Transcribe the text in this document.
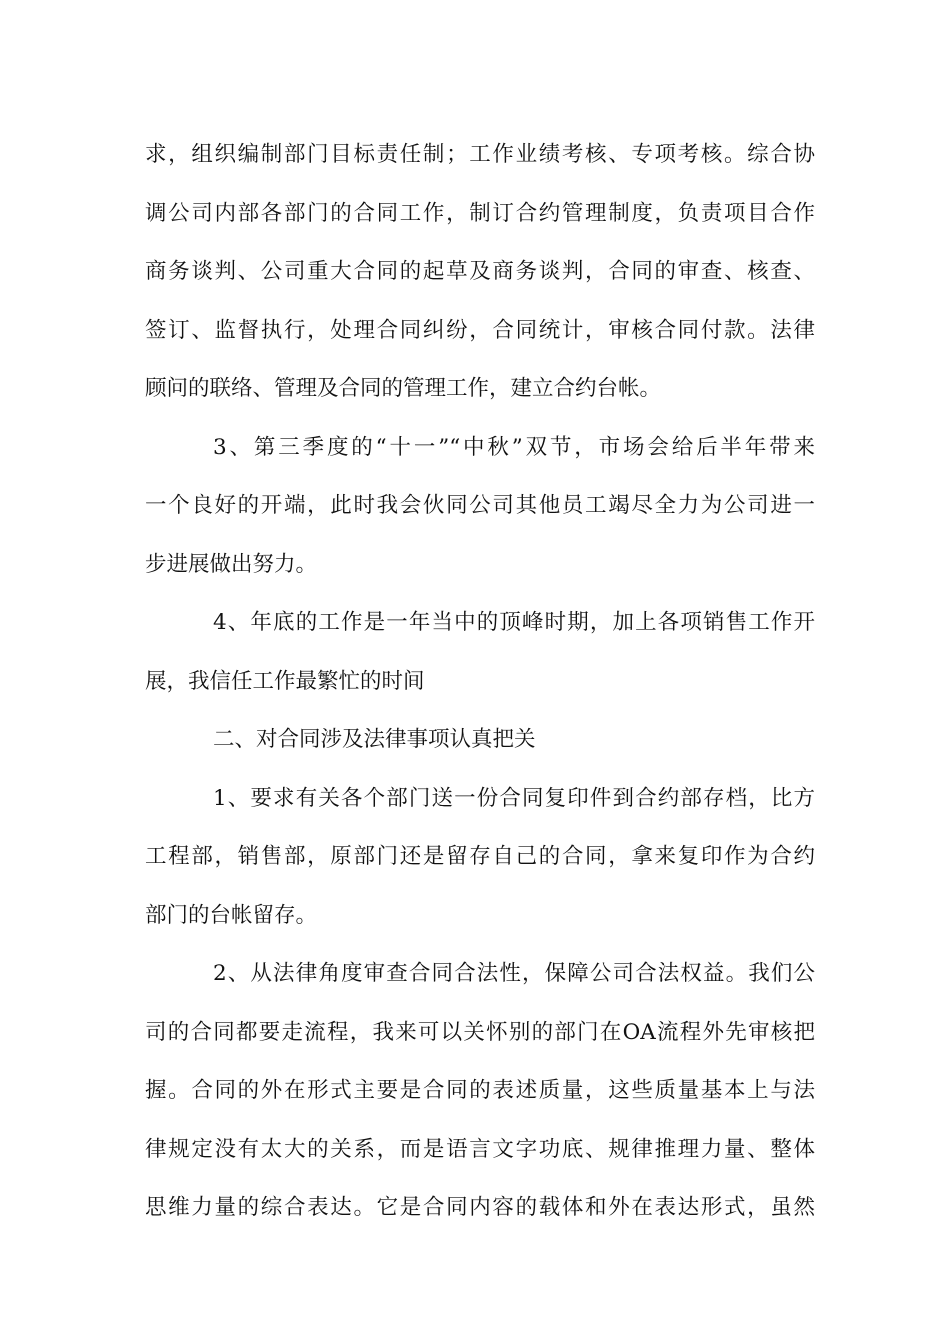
求，组织编制部门目标责任制；工作业绩考核、专项考核。综合协
调公司内部各部门的合同工作，制订合约管理制度，负责项目合作
商务谈判、公司重大合同的起草及商务谈判，合同的审查、核查、
签订、监督执行，处理合同纠纷，合同统计，审核合同付款。法律
顾问的联络、管理及合同的管理工作，建立合约台帐。
3、第三季度的“十一”“中秋”双节，市场会给后半年带来
一个良好的开端，此时我会伙同公司其他员工竭尽全力为公司进一
步进展做出努力。
4、年底的工作是一年当中的顶峰时期，加上各项销售工作开
展，我信任工作最繁忙的时间
二、对合同涉及法律事项认真把关
1、要求有关各个部门送一份合同复印件到合约部存档，比方
工程部，销售部，原部门还是留存自己的合同，拿来复印作为合约
部门的台帐留存。
2、从法律角度审查合同合法性，保障公司合法权益。我们公
司的合同都要走流程，我来可以关怀别的部门在OA流程外先审核把
握。合同的外在形式主要是合同的表述质量，这些质量基本上与法
律规定没有太大的关系，而是语言文字功底、规律推理力量、整体
思维力量的综合表达。它是合同内容的载体和外在表达形式，虽然
